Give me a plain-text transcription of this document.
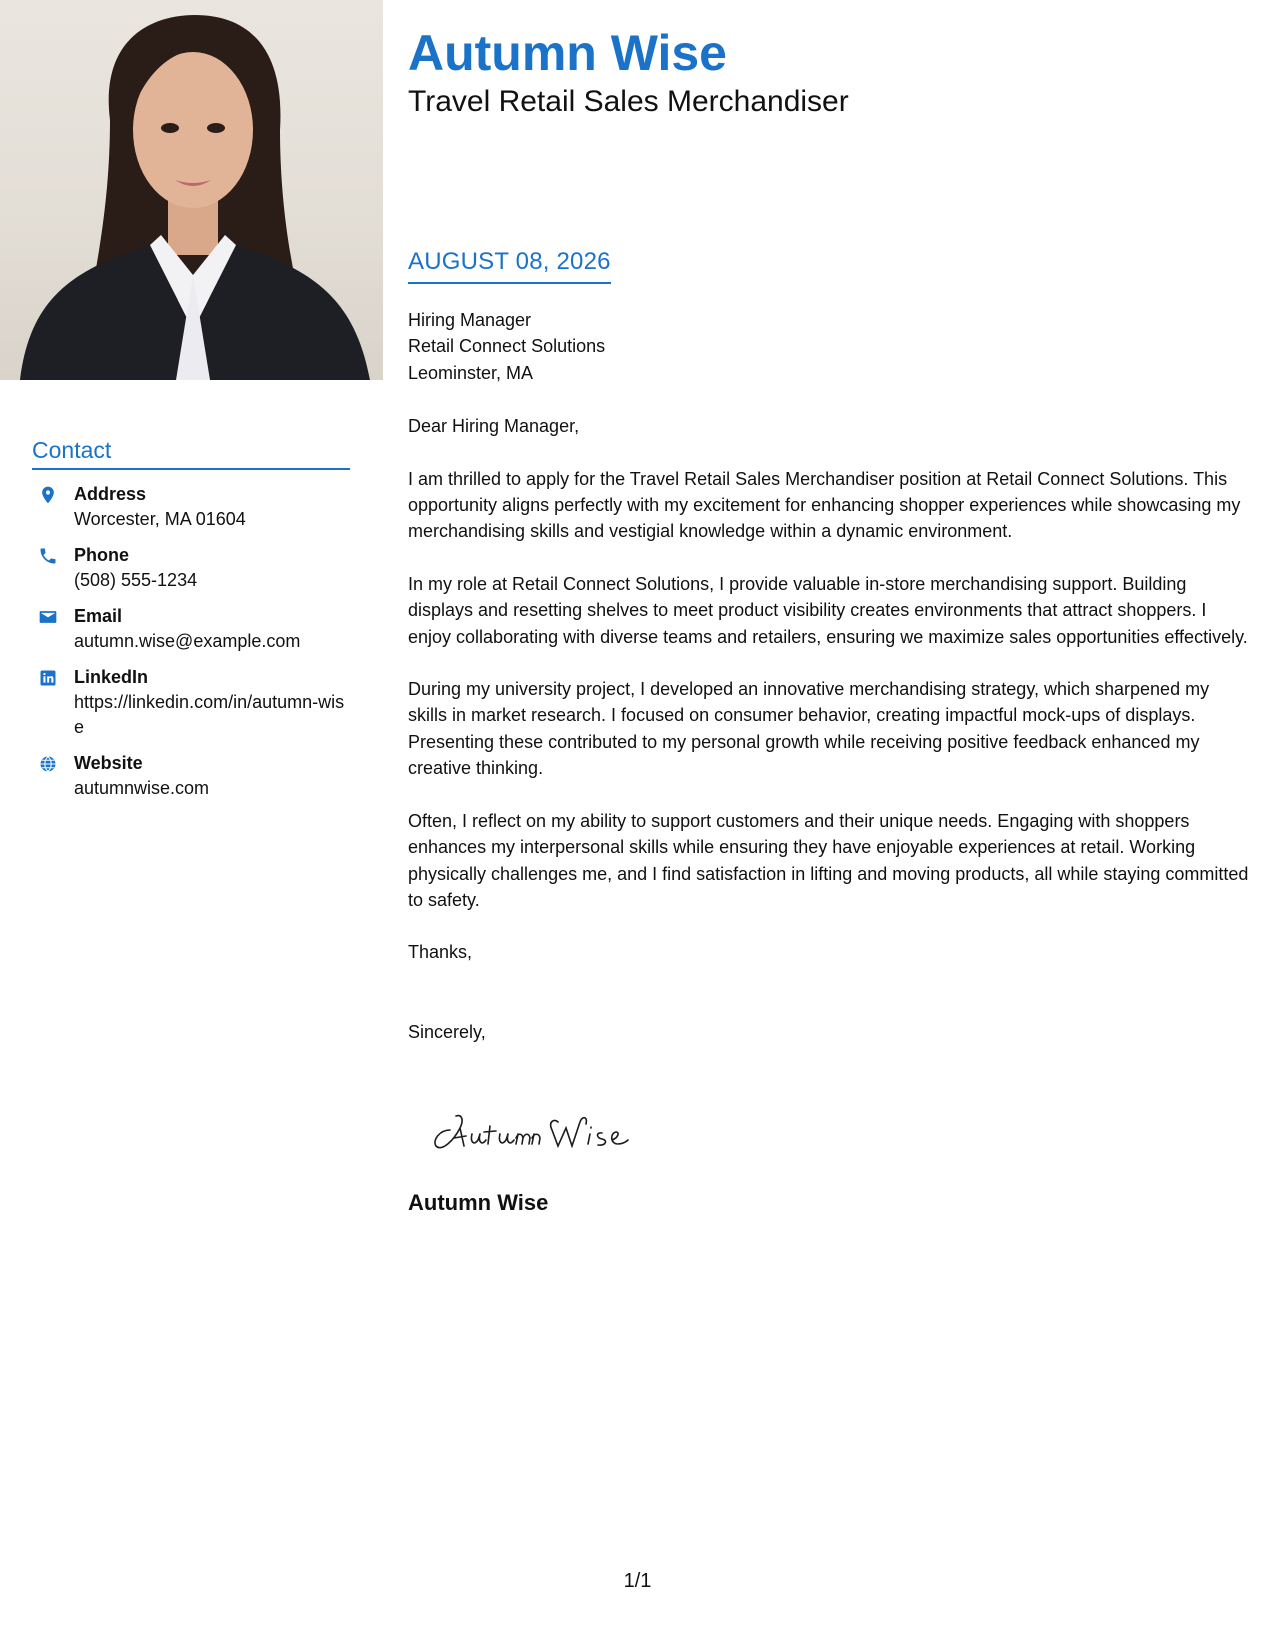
Contact
Address
Worcester, MA 01604
Phone
(508) 555-1234
Email
autumn.wise@example.com
LinkedIn
https://linkedin.com/in/autumn-wise
Website
autumnwise.com
Autumn Wise
Travel Retail Sales Merchandiser
AUGUST 08, 2026

Hiring Manager
Retail Connect Solutions
Leominster, MA

Dear Hiring Manager,

I am thrilled to apply for the Travel Retail Sales Merchandiser position at Retail Connect Solutions. This opportunity aligns perfectly with my excitement for enhancing shopper experiences while showcasing my merchandising skills and vestigial knowledge within a dynamic environment.

In my role at Retail Connect Solutions, I provide valuable in-store merchandising support. Building displays and resetting shelves to meet product visibility creates environments that attract shoppers. I enjoy collaborating with diverse teams and retailers, ensuring we maximize sales opportunities effectively.

During my university project, I developed an innovative merchandising strategy, which sharpened my skills in market research. I focused on consumer behavior, creating impactful mock-ups of displays. Presenting these contributed to my personal growth while receiving positive feedback enhanced my creative thinking.

Often, I reflect on my ability to support customers and their unique needs. Engaging with shoppers enhances my interpersonal skills while ensuring they have enjoyable experiences at retail. Working physically challenges me, and I find satisfaction in lifting and moving products, all while staying committed to safety.

Thanks,

Sincerely,

Autumn Wise
1/1
